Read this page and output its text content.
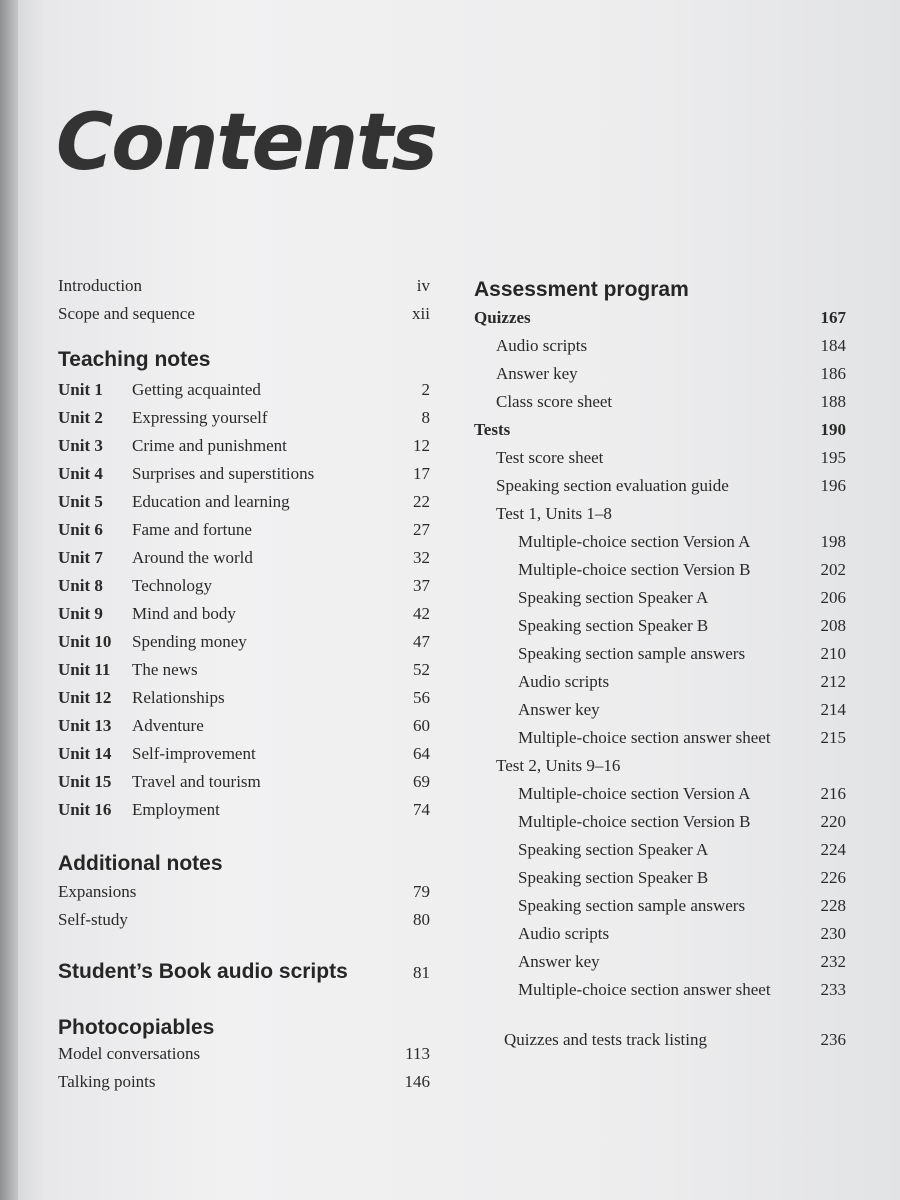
Contents
Introduction	iv
Scope and sequence	xii
Teaching notes
Unit 1 Getting acquainted	2
Unit 2 Expressing yourself	8
Unit 3 Crime and punishment	12
Unit 4 Surprises and superstitions	17
Unit 5 Education and learning	22
Unit 6 Fame and fortune	27
Unit 7 Around the world	32
Unit 8 Technology	37
Unit 9 Mind and body	42
Unit 10 Spending money	47
Unit 11 The news	52
Unit 12 Relationships	56
Unit 13 Adventure	60
Unit 14 Self-improvement	64
Unit 15 Travel and tourism	69
Unit 16 Employment	74
Additional notes
Expansions	79
Self-study	80
Student’s Book audio scripts	81
Photocopiables
Model conversations	113
Talking points	146
Assessment program
Quizzes	167
Audio scripts	184
Answer key	186
Class score sheet	188
Tests	190
Test score sheet	195
Speaking section evaluation guide	196
Test 1, Units 1–8
Multiple-choice section Version A	198
Multiple-choice section Version B	202
Speaking section Speaker A	206
Speaking section Speaker B	208
Speaking section sample answers	210
Audio scripts	212
Answer key	214
Multiple-choice section answer sheet	215
Test 2, Units 9–16
Multiple-choice section Version A	216
Multiple-choice section Version B	220
Speaking section Speaker A	224
Speaking section Speaker B	226
Speaking section sample answers	228
Audio scripts	230
Answer key	232
Multiple-choice section answer sheet	233
Quizzes and tests track listing	236
